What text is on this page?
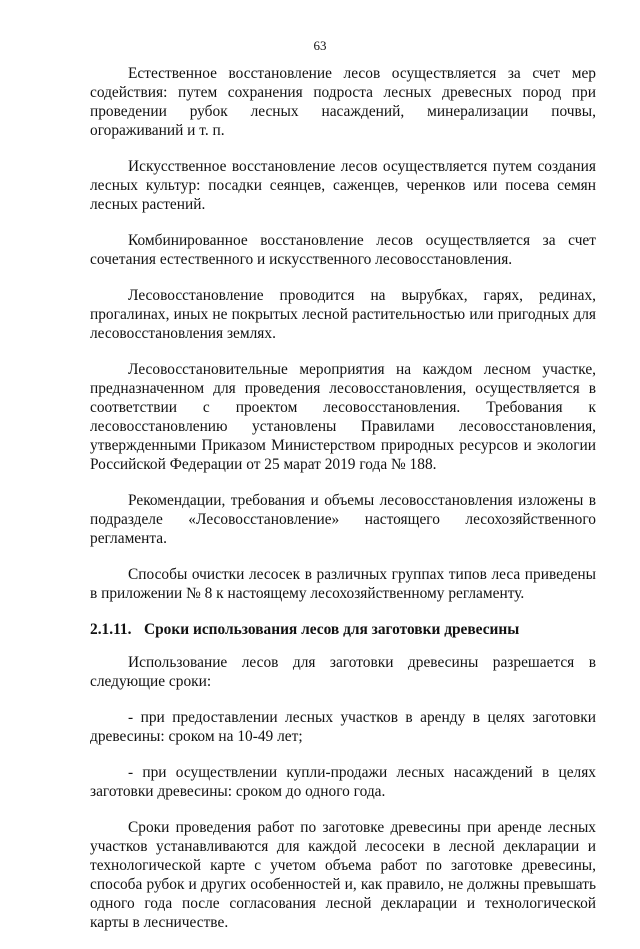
63

Естественное восстановление лесов осуществляется за счет мер содействия: путем сохранения подроста лесных древесных пород при проведении рубок лесных насаждений, минерализации почвы, огораживаний и т. п.

Искусственное восстановление лесов осуществляется путем создания лесных культур: посадки сеянцев, саженцев, черенков или посева семян лесных растений.

Комбинированное восстановление лесов осуществляется за счет сочетания естественного и искусственного лесовосстановления.

Лесовосстановление проводится на вырубках, гарях, рединах, прогалинах, иных не покрытых лесной растительностью или пригодных для лесовосстановления землях.

Лесовосстановительные мероприятия на каждом лесном участке, предназначенном для проведения лесовосстановления, осуществляется в соответствии с проектом лесовосстановления. Требования к лесовосстановлению установлены Правилами лесовосстановления, утвержденными Приказом Министерством природных ресурсов и экологии Российской Федерации от 25 марат 2019 года № 188.

Рекомендации, требования и объемы лесовосстановления изложены в подразделе «Лесовосстановление» настоящего лесохозяйственного регламента.

Способы очистки лесосек в различных группах типов леса приведены в приложении № 8 к настоящему лесохозяйственному регламенту.

2.1.11. Сроки использования лесов для заготовки древесины

Использование лесов для заготовки древесины разрешается в следующие сроки:

- при предоставлении лесных участков в аренду в целях заготовки древесины: сроком на 10-49 лет;

- при осуществлении купли-продажи лесных насаждений в целях заготовки древесины: сроком до одного года.

Сроки проведения работ по заготовке древесины при аренде лесных участков устанавливаются для каждой лесосеки в лесной декларации и технологической карте с учетом объема работ по заготовке древесины, способа рубок и других особенностей и, как правило, не должны превышать одного года после согласования лесной декларации и технологической карты в лесничестве.
